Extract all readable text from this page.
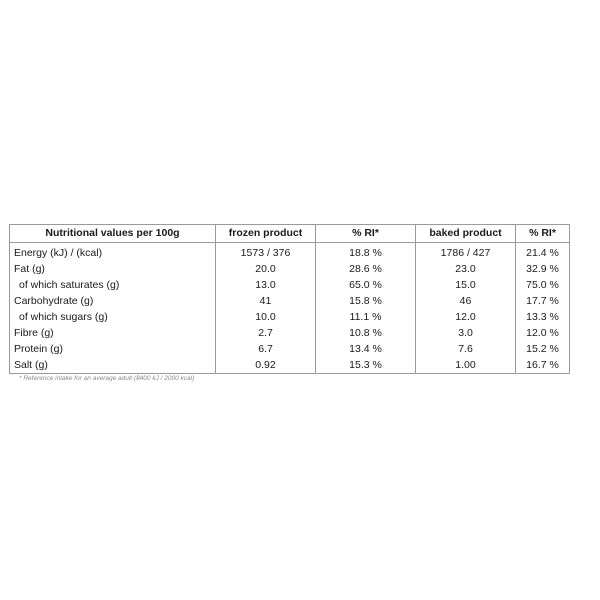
Nutritional values per 100g	frozen product	% RI*	baked product	% RI*
Energy (kJ) / (kcal)	1573 / 376	18.8 %	1786 / 427	21.4 %
Fat (g)	20.0	28.6 %	23.0	32.9 %
of which saturates (g)	13.0	65.0 %	15.0	75.0 %
Carbohydrate (g)	41	15.8 %	46	17.7 %
of which sugars (g)	10.0	11.1 %	12.0	13.3 %
Fibre (g)	2.7	10.8 %	3.0	12.0 %
Protein (g)	6.7	13.4 %	7.6	15.2 %
Salt (g)	0.92	15.3 %	1.00	16.7 %
* Reference intake for an average adult (8400 kJ / 2000 kcal)
